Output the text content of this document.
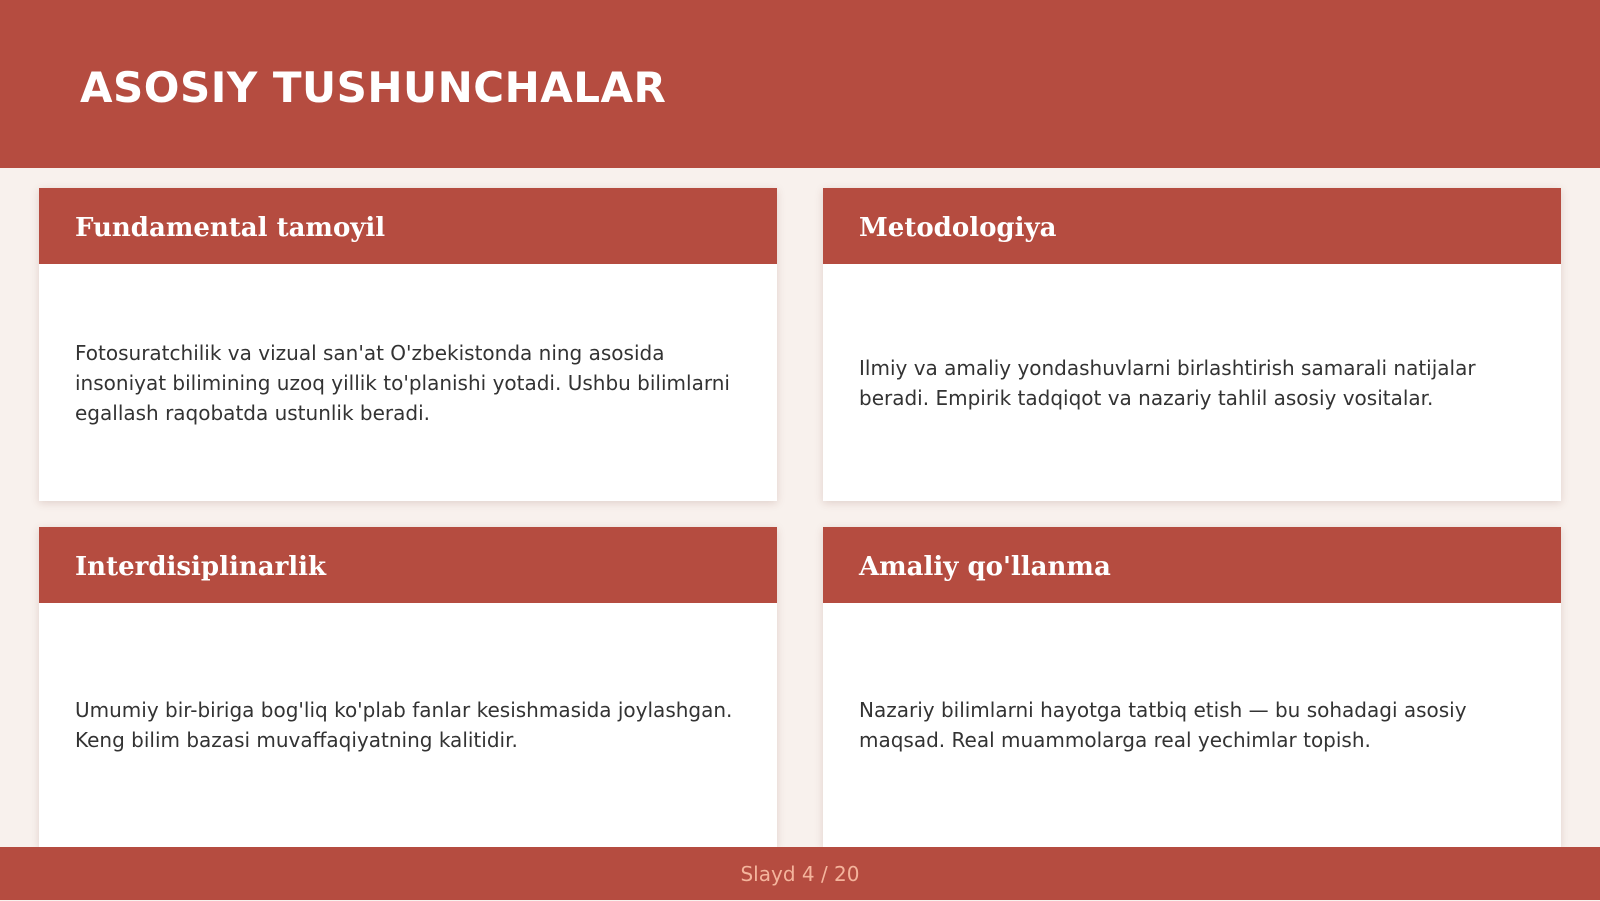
ASOSIY TUSHUNCHALAR
Fundamental tamoyil

Fotosuratchilik va vizual san'at O'zbekistonda ning asosida insoniyat bilimining uzoq yillik to'planishi yotadi. Ushbu bilimlarni egallash raqobatda ustunlik beradi.

Metodologiya

Ilmiy va amaliy yondashuvlarni birlashtirish samarali natijalar beradi. Empirik tadqiqot va nazariy tahlil asosiy vositalar.

Interdisiplinarlik

Umumiy bir-biriga bog'liq ko'plab fanlar kesishmasida joylashgan. Keng bilim bazasi muvaffaqiyatning kalitidir.

Amaliy qo'llanma

Nazariy bilimlarni hayotga tatbiq etish — bu sohadagi asosiy maqsad. Real muammolarga real yechimlar topish.

Slayd 4 / 20
